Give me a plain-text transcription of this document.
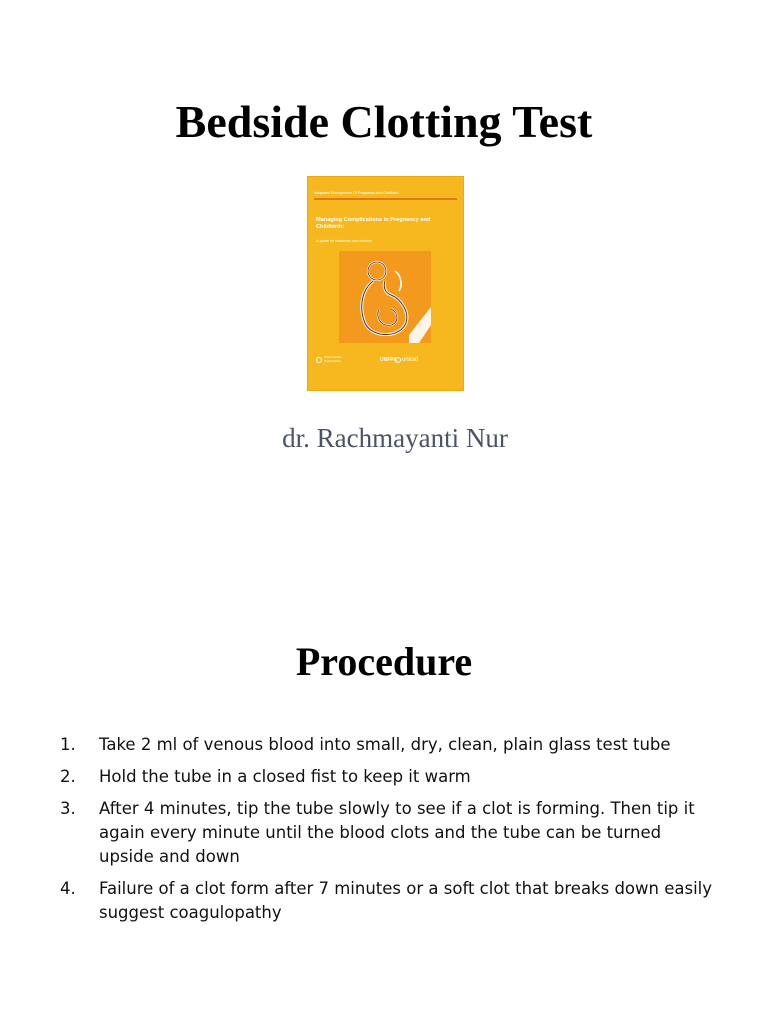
Bedside Clotting Test
Integrated Management Of Pregnancy And Childbirth
Managing Complications in Pregnancy and Childbirth:
A guide for midwives and doctors
World Health Organization	UNFPA unicef

dr. Rachmayanti Nur

Procedure
1. Take 2 ml of venous blood into small, dry, clean, plain glass test tube
2. Hold the tube in a closed fist to keep it warm
3. After 4 minutes, tip the tube slowly to see if a clot is forming. Then tip it again every minute until the blood clots and the tube can be turned upside and down
4. Failure of a clot form after 7 minutes or a soft clot that breaks down easily suggest coagulopathy
